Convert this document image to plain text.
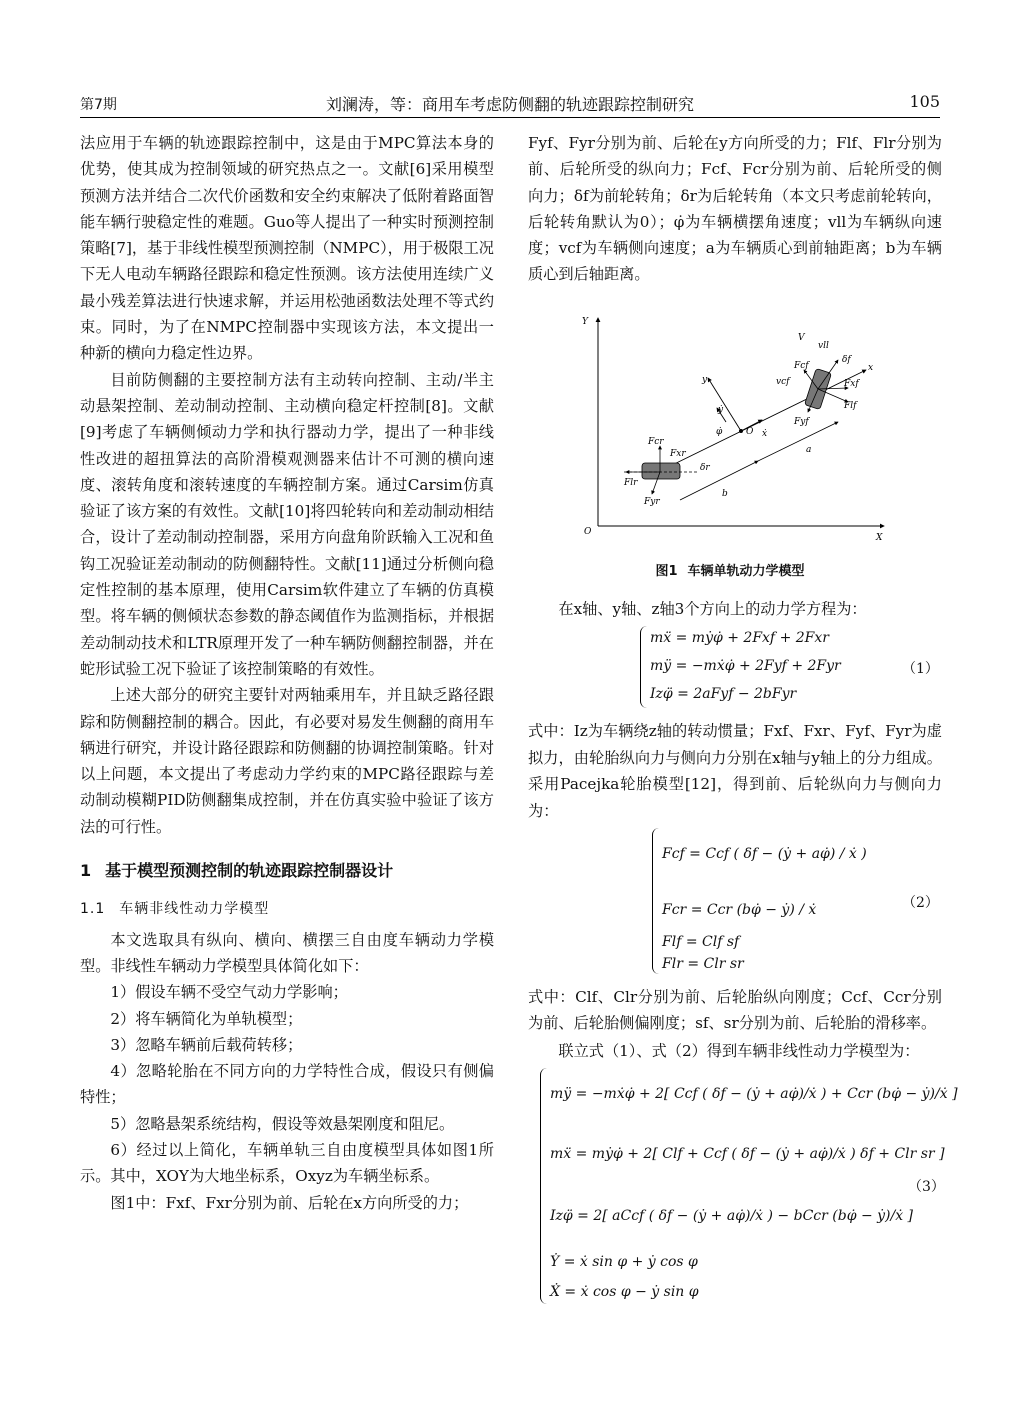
第7期	刘澜涛，等：商用车考虑防侧翻的轨迹跟踪控制研究	105

法应用于车辆的轨迹跟踪控制中，这是由于MPC算法本身的优势，使其成为控制领域的研究热点之一。文献[6]采用模型预测方法并结合二次代价函数和安全约束解决了低附着路面智能车辆行驶稳定性的难题。Guo等人提出了一种实时预测控制策略[7]，基于非线性模型预测控制（NMPC），用于极限工况下无人电动车辆路径跟踪和稳定性预测。该方法使用连续广义最小残差算法进行快速求解，并运用松弛函数法处理不等式约束。同时，为了在NMPC控制器中实现该方法，本文提出一种新的横向力稳定性边界。

目前防侧翻的主要控制方法有主动转向控制、主动/半主动悬架控制、差动制动控制、主动横向稳定杆控制[8]。文献[9]考虑了车辆侧倾动力学和执行器动力学，提出了一种非线性改进的超扭算法的高阶滑模观测器来估计不可测的横向速度、滚转角度和滚转速度的车辆控制方案。通过Carsim仿真验证了该方案的有效性。文献[10]将四轮转向和差动制动相结合，设计了差动制动控制器，采用方向盘角阶跃输入工况和鱼钩工况验证差动制动的防侧翻特性。文献[11]通过分析侧向稳定性控制的基本原理，使用Carsim软件建立了车辆的仿真模型。将车辆的侧倾状态参数的静态阈值作为监测指标，并根据差动制动技术和LTR原理开发了一种车辆防侧翻控制器，并在蛇形试验工况下验证了该控制策略的有效性。

上述大部分的研究主要针对两轴乘用车，并且缺乏路径跟踪和防侧翻控制的耦合。因此，有必要对易发生侧翻的商用车辆进行研究，并设计路径跟踪和防侧翻的协调控制策略。针对以上问题，本文提出了考虑动力学约束的MPC路径跟踪与差动制动模糊PID防侧翻集成控制，并在仿真实验中验证了该方法的可行性。

1 基于模型预测控制的轨迹跟踪控制器设计
1.1 车辆非线性动力学模型

本文选取具有纵向、横向、横摆三自由度车辆动力学模型。非线性车辆动力学模型具体简化如下：

1）假设车辆不受空气动力学影响；

2）将车辆简化为单轨模型；

3）忽略车辆前后载荷转移；

4）忽略轮胎在不同方向的力学特性合成，假设只有侧偏特性；

5）忽略悬架系统结构，假设等效悬架刚度和阻尼。

6）经过以上简化，车辆单轨三自由度模型具体如图1所示。其中，XOY为大地坐标系，Oxyz为车辆坐标系。

图1中：Fxf、Fxr分别为前、后轮在x方向所受的力；

Fyf、Fyr分别为前、后轮在y方向所受的力；Flf、Flr分别为前、后轮所受的纵向力；Fcf、Fcr分别为前、后轮所受的侧向力；δf为前轮转角；δr为后轮转角（本文只考虑前轮转向，后轮转角默认为0）；φ̇为车辆横摆角速度；vll为车辆纵向速度；vcf为车辆侧向速度；a为车辆质心到前轴距离；b为车辆质心到后轴距离。

Y
X
O
x
y
O ẋ
ẏ
φ̇
a
b
Fcr
Fxr
Flr
Fyr
δr
V
vll
vcf
Fcf
δf
Fxf
Flf
Fyf
图1 车辆单轨动力学模型

在x轴、y轴、z轴3个方向上的动力学方程为：

mẍ = mẏφ̇ + 2Fxf + 2Fxr
mÿ = −mẋφ̇ + 2Fyf + 2Fyr
Izφ̈ = 2aFyf − 2bFyr
（1）

式中：Iz为车辆绕z轴的转动惯量；Fxf、Fxr、Fyf、Fyr为虚拟力，由轮胎纵向力与侧向力分别在x轴与y轴上的分力组成。采用Pacejka轮胎模型[12]，得到前、后轮纵向力与侧向力为：

Fcf = Ccf ( δf − (ẏ + aφ̇) / ẋ )
Fcr = Ccr (bφ̇ − ẏ) / ẋ
Flf = Clf sf
Flr = Clr sr
（2）

式中：Clf、Clr分别为前、后轮胎纵向刚度；Ccf、Ccr分别为前、后轮胎侧偏刚度；sf、sr分别为前、后轮胎的滑移率。

联立式（1）、式（2）得到车辆非线性动力学模型为：

mÿ = −mẋφ̇ + 2[ Ccf ( δf − (ẏ + aφ̇)/ẋ ) + Ccr (bφ̇ − ẏ)/ẋ ]
mẍ = mẏφ̇ + 2[ Clf + Ccf ( δf − (ẏ + aφ̇)/ẋ ) δf + Clr sr ]
Izφ̈ = 2[ aCcf ( δf − (ẏ + aφ̇)/ẋ ) − bCcr (bφ̇ − ẏ)/ẋ ]
Ẏ = ẋ sin φ + ẏ cos φ
Ẋ = ẋ cos φ − ẏ sin φ
（3）
